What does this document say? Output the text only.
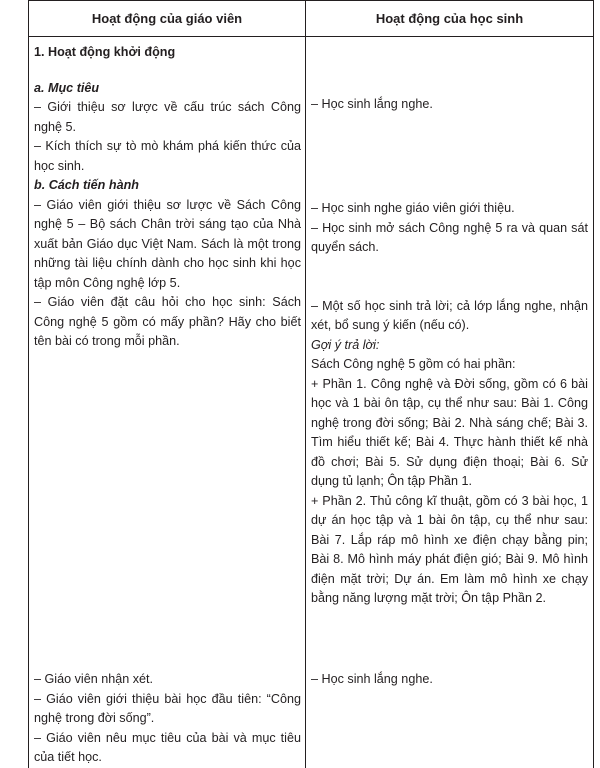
Hoạt động của giáo viên	Hoạt động của học sinh

1. Hoạt động khởi động

a. Mục tiêu

– Giới thiệu sơ lược về cấu trúc sách Công nghệ 5.

– Kích thích sự tò mò khám phá kiến thức của học sinh.

b. Cách tiến hành

– Giáo viên giới thiệu sơ lược về Sách Công nghệ 5 – Bộ sách Chân trời sáng tạo của Nhà xuất bản Giáo dục Việt Nam. Sách là một trong những tài liệu chính dành cho học sinh khi học tập môn Công nghệ lớp 5.

– Giáo viên đặt câu hỏi cho học sinh: Sách Công nghệ 5 gồm có mấy phần? Hãy cho biết tên bài có trong mỗi phần.

– Giáo viên nhận xét.

– Giáo viên giới thiệu bài học đầu tiên: “Công nghệ trong đời sống”.

– Giáo viên nêu mục tiêu của bài và mục tiêu của tiết học.

– Học sinh lắng nghe.

– Học sinh nghe giáo viên giới thiệu.

– Học sinh mở sách Công nghệ 5 ra và quan sát quyển sách.

– Một số học sinh trả lời; cả lớp lắng nghe, nhận xét, bổ sung ý kiến (nếu có).

Gợi ý trả lời:

Sách Công nghệ 5 gồm có hai phần:

+ Phần 1. Công nghệ và Đời sống, gồm có 6 bài học và 1 bài ôn tập, cụ thể như sau: Bài 1. Công nghệ trong đời sống; Bài 2. Nhà sáng chế; Bài 3. Tìm hiểu thiết kế; Bài 4. Thực hành thiết kế nhà đồ chơi; Bài 5. Sử dụng điện thoại; Bài 6. Sử dụng tủ lạnh; Ôn tập Phần 1.

+ Phần 2. Thủ công kĩ thuật, gồm có 3 bài học, 1 dự án học tập và 1 bài ôn tập, cụ thể như sau: Bài 7. Lắp ráp mô hình xe điện chạy bằng pin; Bài 8. Mô hình máy phát điện gió; Bài 9. Mô hình điện mặt trời; Dự án. Em làm mô hình xe chạy bằng năng lượng mặt trời; Ôn tập Phần 2.

– Học sinh lắng nghe.
